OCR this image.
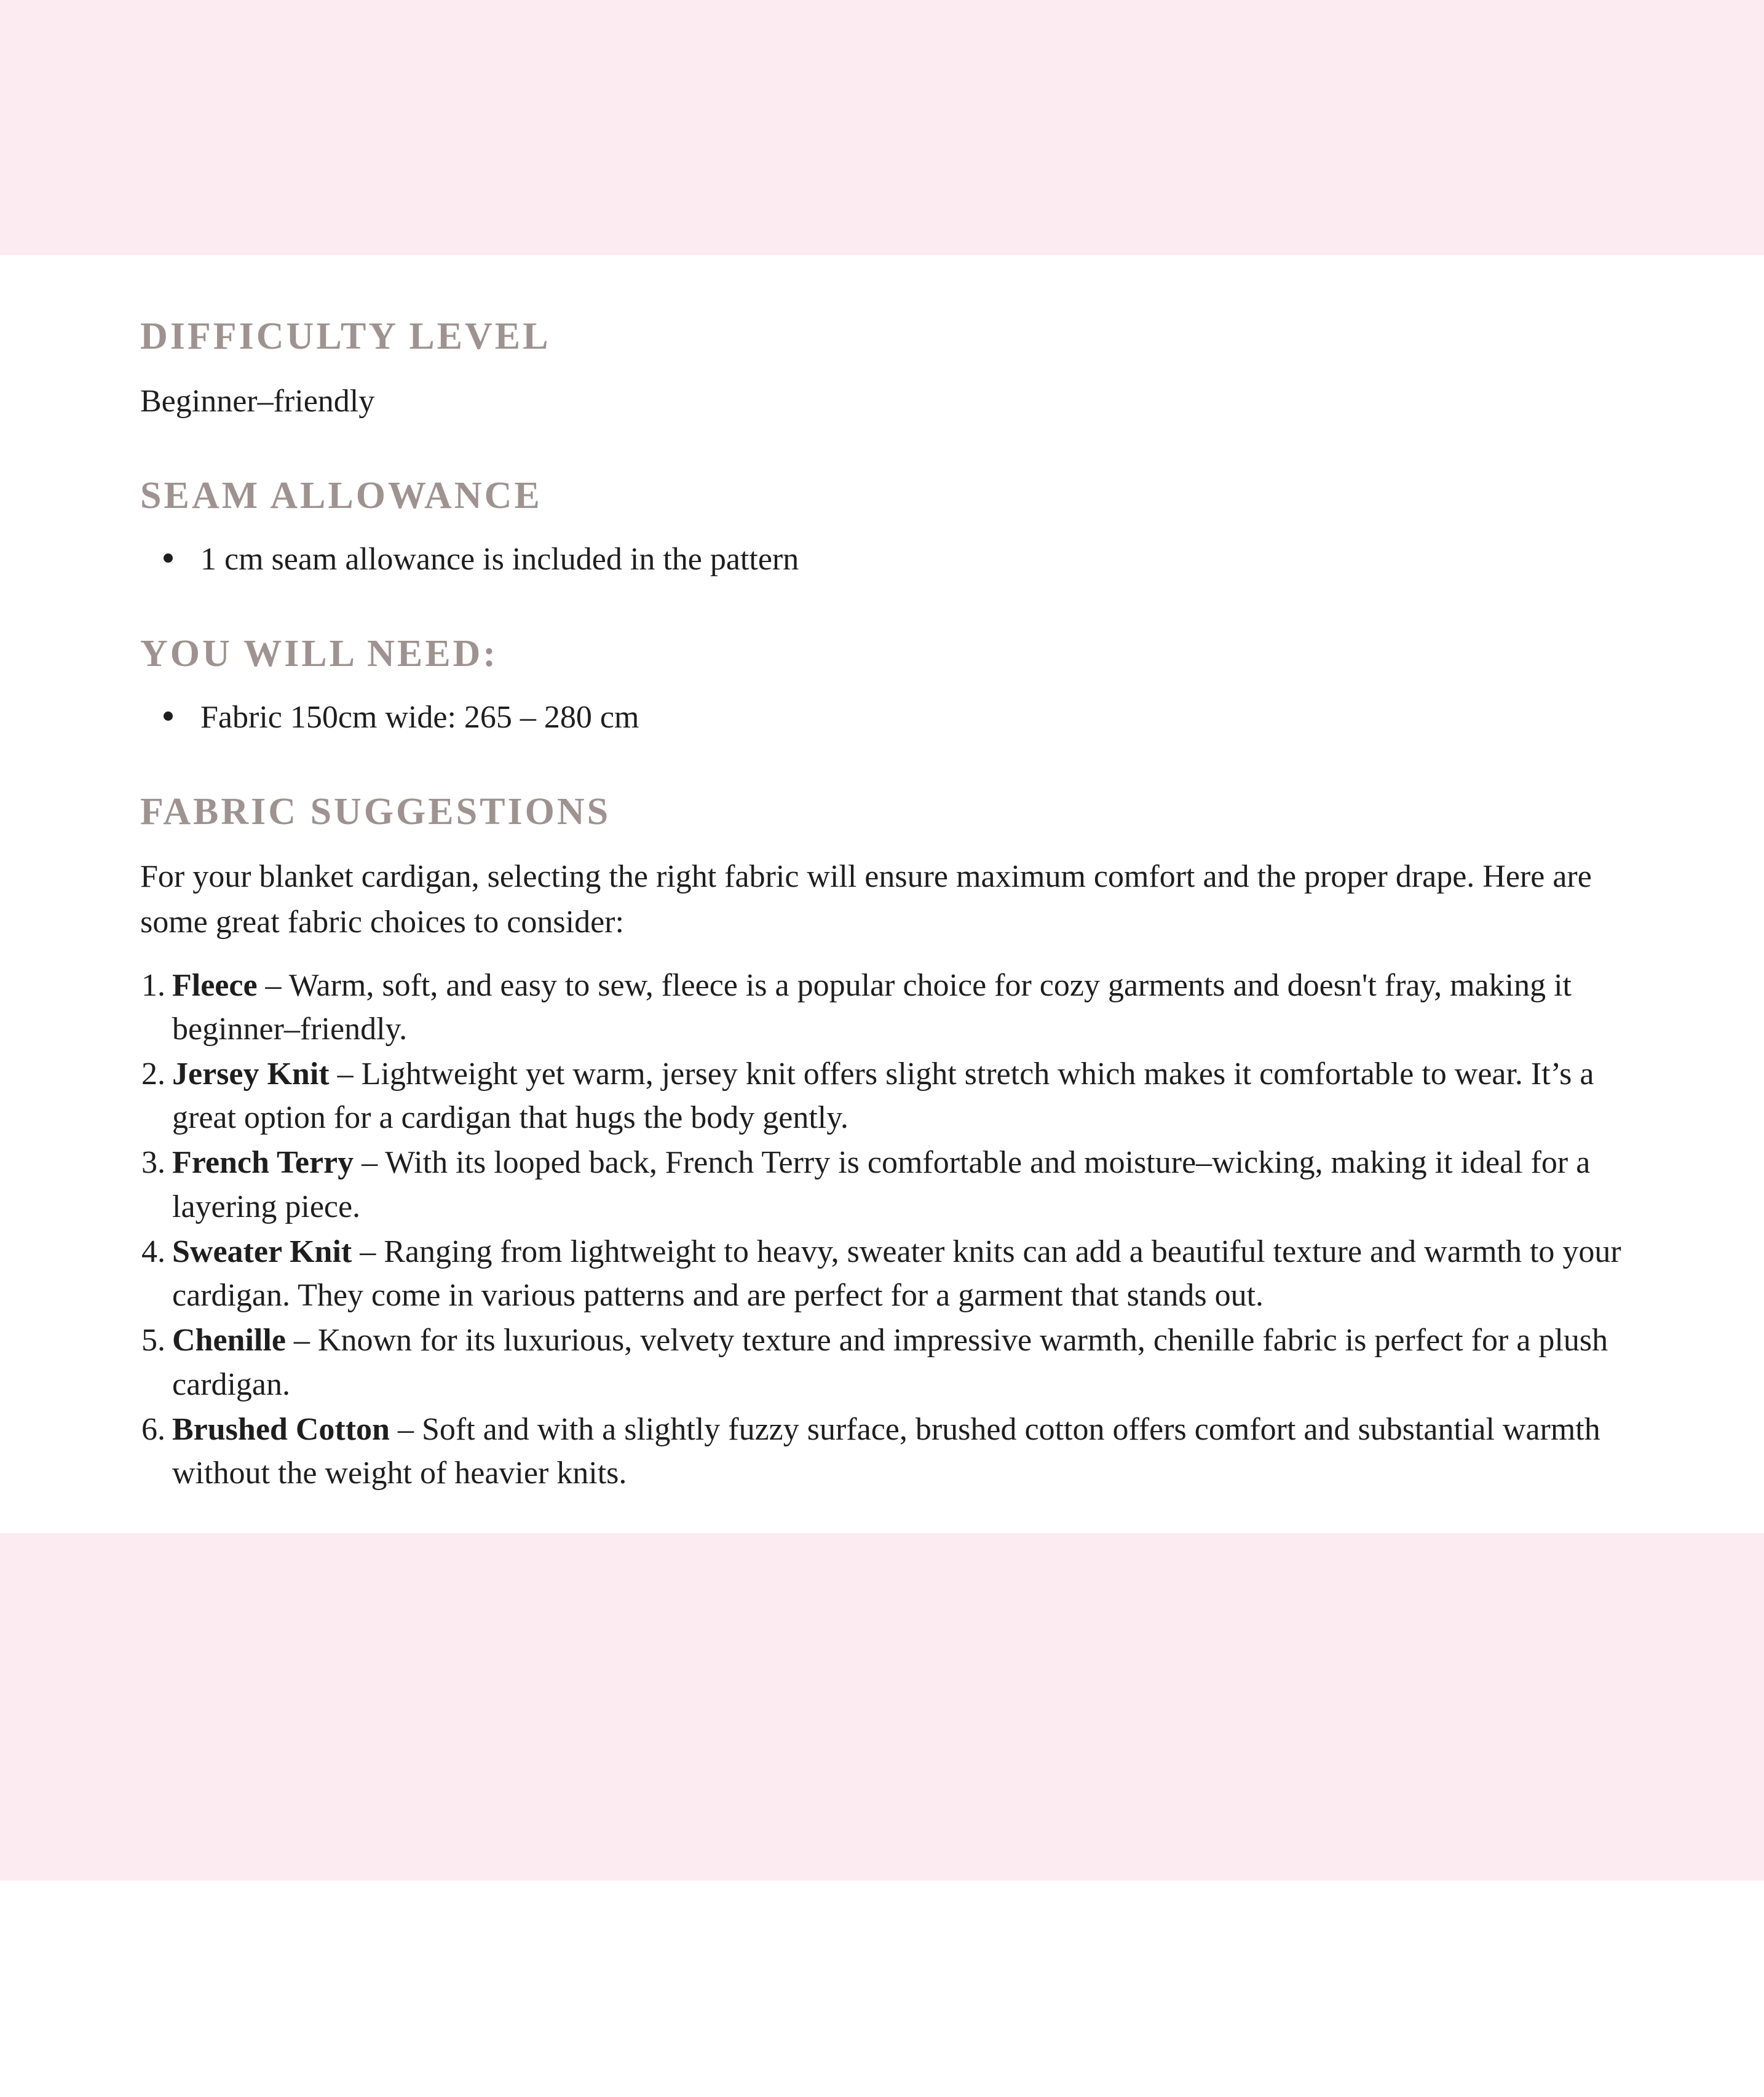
DIFFICULTY LEVEL

Beginner–friendly

SEAM ALLOWANCE
1 cm seam allowance is included in the pattern
YOU WILL NEED:
Fabric 150cm wide: 265 – 280 cm
FABRIC SUGGESTIONS

For your blanket cardigan, selecting the right fabric will ensure maximum comfort and the proper drape. Here are some great fabric choices to consider:

Fleece – Warm, soft, and easy to sew, fleece is a popular choice for cozy garments and doesn't fray, making it beginner–friendly.
Jersey Knit – Lightweight yet warm, jersey knit offers slight stretch which makes it comfortable to wear. It’s a great option for a cardigan that hugs the body gently.
French Terry – With its looped back, French Terry is comfortable and moisture–wicking, making it ideal for a layering piece.
Sweater Knit – Ranging from lightweight to heavy, sweater knits can add a beautiful texture and warmth to your cardigan. They come in various patterns and are perfect for a garment that stands out.
Chenille – Known for its luxurious, velvety texture and impressive warmth, chenille fabric is perfect for a plush cardigan.
Brushed Cotton – Soft and with a slightly fuzzy surface, brushed cotton offers comfort and substantial warmth without the weight of heavier knits.
